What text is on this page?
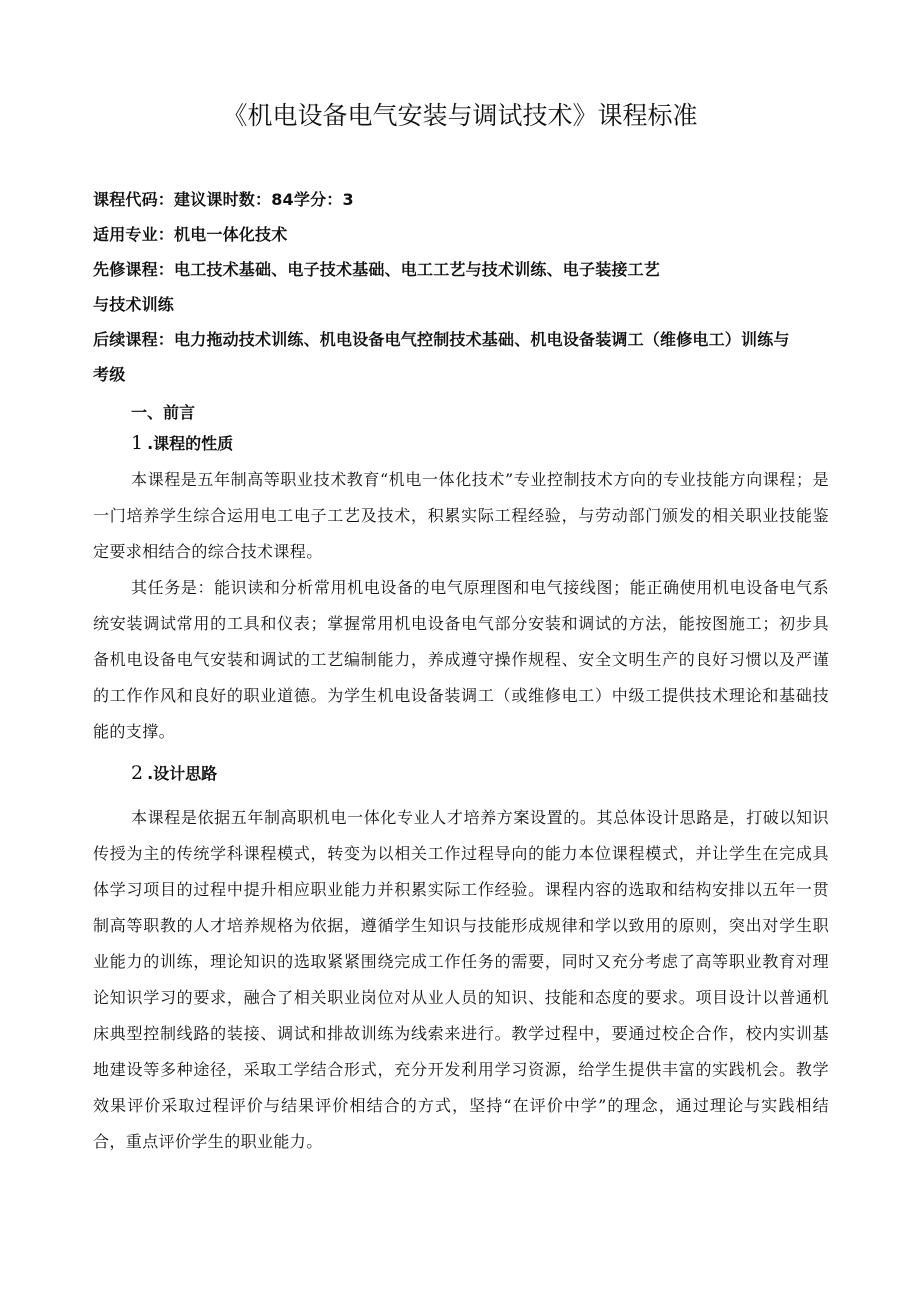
《机电设备电气安装与调试技术》课程标准
课程代码：建议课时数：84学分：3
适用专业：机电一体化技术
先修课程：电工技术基础、电子技术基础、电工工艺与技术训练、电子装接工艺
与技术训练
后续课程：电力拖动技术训练、机电设备电气控制技术基础、机电设备装调工（维修电工）训练与
考级
一、前言
1 .课程的性质
本课程是五年制高等职业技术教育“机电一体化技术”专业控制技术方向的专业技能方向课程；是一门培养学生综合运用电工电子工艺及技术，积累实际工程经验，与劳动部门颁发的相关职业技能鉴定要求相结合的综合技术课程。
其任务是：能识读和分析常用机电设备的电气原理图和电气接线图；能正确使用机电设备电气系统安装调试常用的工具和仪表；掌握常用机电设备电气部分安装和调试的方法，能按图施工；初步具备机电设备电气安装和调试的工艺编制能力，养成遵守操作规程、安全文明生产的良好习惯以及严谨的工作作风和良好的职业道德。为学生机电设备装调工（或维修电工）中级工提供技术理论和基础技能的支撑。
2 .设计思路
本课程是依据五年制高职机电一体化专业人才培养方案设置的。其总体设计思路是，打破以知识传授为主的传统学科课程模式，转变为以相关工作过程导向的能力本位课程模式，并让学生在完成具体学习项目的过程中提升相应职业能力并积累实际工作经验。课程内容的选取和结构安排以五年一贯制高等职教的人才培养规格为依据，遵循学生知识与技能形成规律和学以致用的原则，突出对学生职业能力的训练，理论知识的选取紧紧围绕完成工作任务的需要，同时又充分考虑了高等职业教育对理论知识学习的要求，融合了相关职业岗位对从业人员的知识、技能和态度的要求。项目设计以普通机床典型控制线路的装接、调试和排故训练为线索来进行。教学过程中，要通过校企合作，校内实训基地建设等多种途径，采取工学结合形式，充分开发利用学习资源，给学生提供丰富的实践机会。教学效果评价采取过程评价与结果评价相结合的方式，坚持“在评价中学”的理念，通过理论与实践相结合，重点评价学生的职业能力。
